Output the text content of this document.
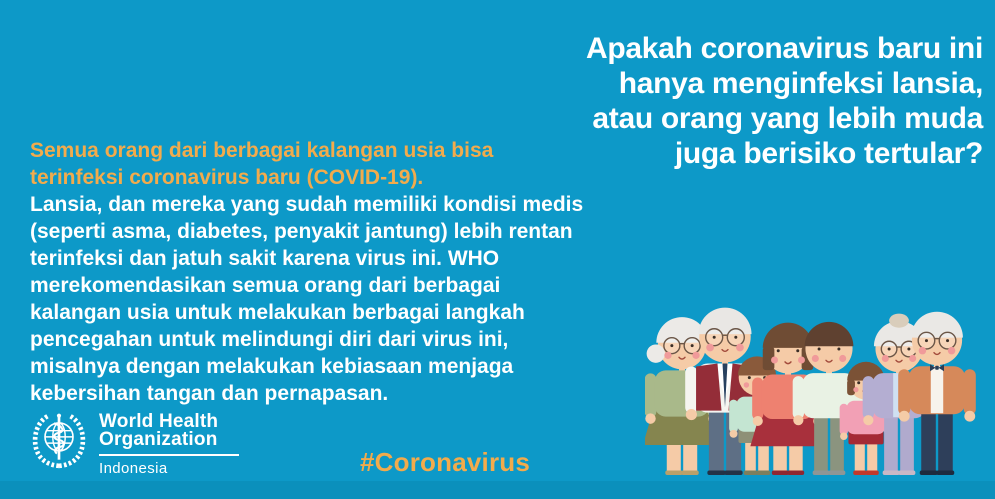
Apakah coronavirus baru ini
hanya menginfeksi lansia,
atau orang yang lebih muda
juga berisiko tertular?
Semua orang dari berbagai kalangan usia bisa
terinfeksi coronavirus baru (COVID-19).
Lansia, dan mereka yang sudah memiliki kondisi medis
(seperti asma, diabetes, penyakit jantung) lebih rentan
terinfeksi dan jatuh sakit karena virus ini. WHO
merekomendasikan semua orang dari berbagai
kalangan usia untuk melakukan berbagai langkah
pencegahan untuk melindungi diri dari virus ini,
misalnya dengan melakukan kebiasaan menjaga
kebersihan tangan dan pernapasan.
World Health
Organization
Indonesia	#Coronavirus
